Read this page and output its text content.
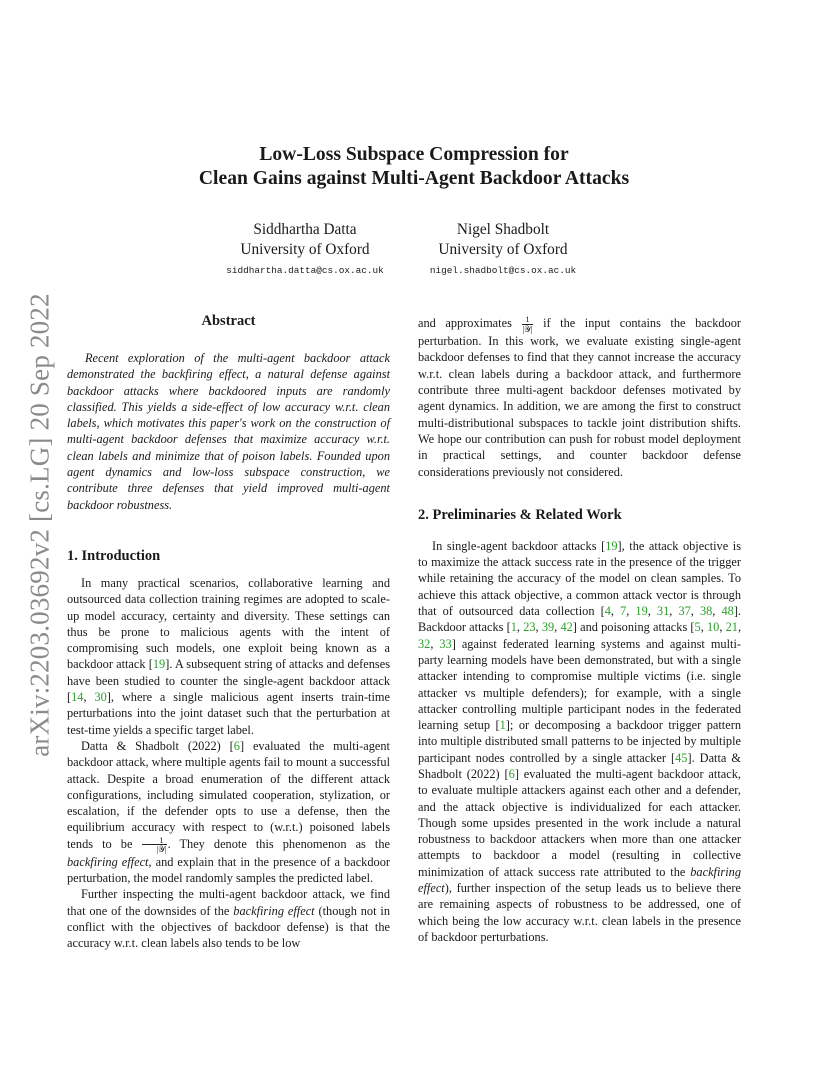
arXiv:2203.03692v2 [cs.LG] 20 Sep 2022
Low-Loss Subspace Compression for
Clean Gains against Multi-Agent Backdoor Attacks
Siddhartha Datta
University of Oxford
siddhartha.datta@cs.ox.ac.uk
Nigel Shadbolt
University of Oxford
nigel.shadbolt@cs.ox.ac.uk
Abstract

Recent exploration of the multi-agent backdoor attack demonstrated the backfiring effect, a natural defense against backdoor attacks where backdoored inputs are randomly classified. This yields a side-effect of low accuracy w.r.t. clean labels, which motivates this paper's work on the construction of multi-agent backdoor defenses that maximize accuracy w.r.t. clean labels and minimize that of poison labels. Founded upon agent dynamics and low-loss subspace construction, we contribute three defenses that yield improved multi-agent backdoor robustness.

1. Introduction

In many practical scenarios, collaborative learning and outsourced data collection training regimes are adopted to scale-up model accuracy, certainty and diversity. These settings can thus be prone to malicious agents with the intent of compromising such models, one exploit being known as a backdoor attack [19]. A subsequent string of attacks and defenses have been studied to counter the single-agent backdoor attack [14, 30], where a single malicious agent inserts train-time perturbations into the joint dataset such that the perturbation at test-time yields a specific target label.

Datta & Shadbolt (2022) [6] evaluated the multi-agent backdoor attack, where multiple agents fail to mount a successful attack. Despite a broad enumeration of the different attack configurations, including simulated cooperation, stylization, or escalation, if the defender opts to use a defense, then the equilibrium accuracy with respect to (w.r.t.) poisoned labels tends to be $\frac{1}{\text{|𝒴|}}$ . They denote this phenomenon as the backfiring effect, and explain that in the presence of a backdoor perturbation, the model randomly samples the predicted label.

Further inspecting the multi-agent backdoor attack, we find that one of the downsides of the backfiring effect (though not in conflict with the objectives of backdoor defense) is that the accuracy w.r.t. clean labels also tends to be low

and approximates $\frac{1}{\text{|𝒴|}}$ if the input contains the backdoor perturbation. In this work, we evaluate existing single-agent backdoor defenses to find that they cannot increase the accuracy w.r.t. clean labels during a backdoor attack, and furthermore contribute three multi-agent backdoor defenses motivated by agent dynamics. In addition, we are among the first to construct multi-distributional subspaces to tackle joint distribution shifts. We hope our contribution can push for robust model deployment in practical settings, and counter backdoor defense considerations previously not considered.

2. Preliminaries & Related Work

In single-agent backdoor attacks [19], the attack objective is to maximize the attack success rate in the presence of the trigger while retaining the accuracy of the model on clean samples. To achieve this attack objective, a common attack vector is through that of outsourced data collection [4, 7, 19, 31, 37, 38, 48]. Backdoor attacks [1, 23, 39, 42] and poisoning attacks [5, 10, 21, 32, 33] against federated learning systems and against multi-party learning models have been demonstrated, but with a single attacker intending to compromise multiple victims (i.e. single attacker vs multiple defenders); for example, with a single attacker controlling multiple participant nodes in the federated learning setup [1]; or decomposing a backdoor trigger pattern into multiple distributed small patterns to be injected by multiple participant nodes controlled by a single attacker [45]. Datta & Shadbolt (2022) [6] evaluated the multi-agent backdoor attack, to evaluate multiple attackers against each other and a defender, and the attack objective is individualized for each attacker. Though some upsides presented in the work include a natural robustness to backdoor attackers when more than one attacker attempts to backdoor a model (resulting in collective minimization of attack success rate attributed to the backfiring effect), further inspection of the setup leads us to believe there are remaining aspects of robustness to be addressed, one of which being the low accuracy w.r.t. clean labels in the presence of backdoor perturbations.
